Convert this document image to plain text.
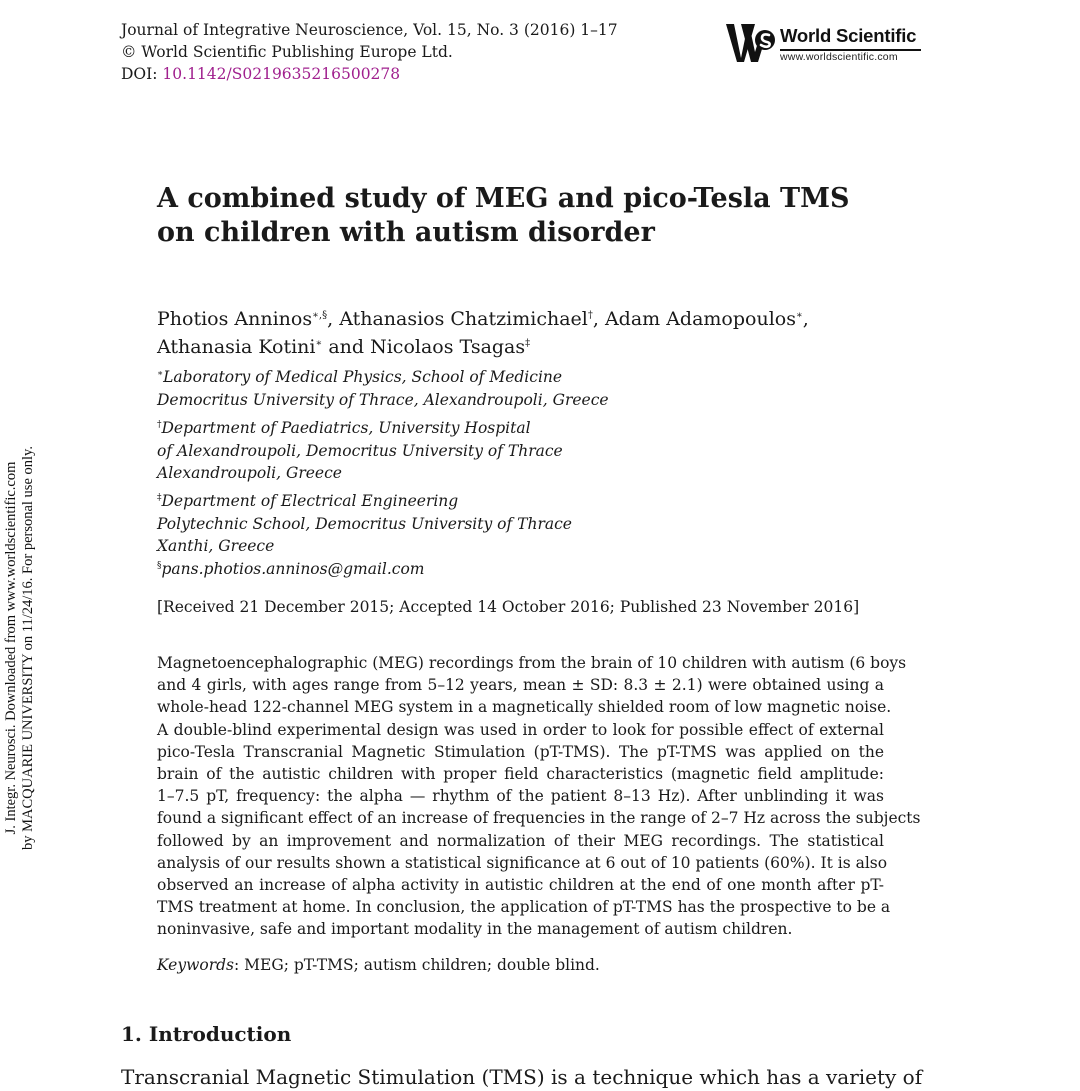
Journal of Integrative Neuroscience, Vol. 15, No. 3 (2016) 1–17
© World Scientific Publishing Europe Ltd.
DOI: 10.1142/S0219635216500278
World Scientific
www.worldscientific.com
J. Integr. Neurosci. Downloaded from www.worldscientific.com by MACQUARIE UNIVERSITY on 11/24/16. For personal use only.
A combined study of MEG and pico-Tesla TMS
on children with autism disorder
Photios Anninos∗,§, Athanasios Chatzimichael†, Adam Adamopoulos∗,
Athanasia Kotini∗ and Nicolaos Tsagas‡
∗Laboratory of Medical Physics, School of Medicine
Democritus University of Thrace, Alexandroupoli, Greece
†Department of Paediatrics, University Hospital
of Alexandroupoli, Democritus University of Thrace
Alexandroupoli, Greece
‡Department of Electrical Engineering
Polytechnic School, Democritus University of Thrace
Xanthi, Greece
§pans.photios.anninos@gmail.com
[Received 21 December 2015; Accepted 14 October 2016; Published 23 November 2016]
Magnetoencephalographic (MEG) recordings from the brain of 10 children with autism (6 boys
and 4 girls, with ages range from 5–12 years, mean ± SD: 8.3 ± 2.1) were obtained using a
whole-head 122-channel MEG system in a magnetically shielded room of low magnetic noise.
A double-blind experimental design was used in order to look for possible effect of external
pico-Tesla Transcranial Magnetic Stimulation (pT-TMS). The pT-TMS was applied on the
brain of the autistic children with proper field characteristics (magnetic field amplitude:
1–7.5 pT, frequency: the alpha — rhythm of the patient 8–13 Hz). After unblinding it was
found a significant effect of an increase of frequencies in the range of 2–7 Hz across the subjects
followed by an improvement and normalization of their MEG recordings. The statistical
analysis of our results shown a statistical significance at 6 out of 10 patients (60%). It is also
observed an increase of alpha activity in autistic children at the end of one month after pT-
TMS treatment at home. In conclusion, the application of pT-TMS has the prospective to be a
noninvasive, safe and important modality in the management of autism children.
Keywords: MEG; pT-TMS; autism children; double blind.
1. Introduction
Transcranial Magnetic Stimulation (TMS) is a technique which has a variety of
